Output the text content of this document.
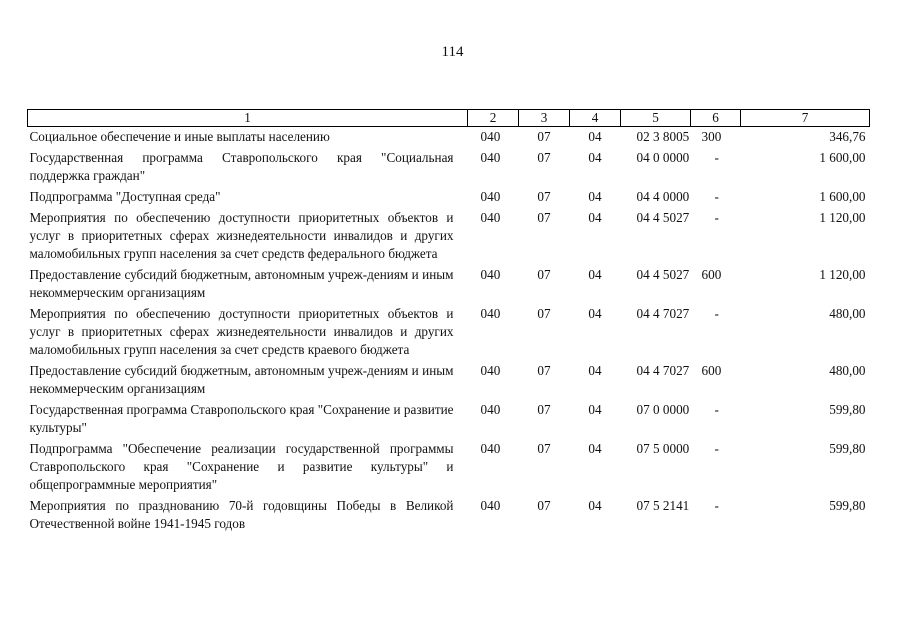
114
1	2	3	4	5	6	7
Социальное обеспечение и иные выплаты населению	040	07	04	02 3 8005	300	346,76
Государственная программа Ставропольского края "Социальная поддержка граждан"	040	07	04	04 0 0000	-	1 600,00
Подпрограмма "Доступная среда"	040	07	04	04 4 0000	-	1 600,00
Мероприятия по обеспечению доступности приоритетных объектов и услуг в приоритетных сферах жизнедеятельности инвалидов и других маломобильных групп населения за счет средств федерального бюджета	040	07	04	04 4 5027	-	1 120,00
Предоставление субсидий бюджетным, автономным учреж-дениям и иным некоммерческим организациям	040	07	04	04 4 5027	600	1 120,00
Мероприятия по обеспечению доступности приоритетных объектов и услуг в приоритетных сферах жизнедеятельности инвалидов и других маломобильных групп населения за счет средств краевого бюджета	040	07	04	04 4 7027	-	480,00
Предоставление субсидий бюджетным, автономным учреж-дениям и иным некоммерческим организациям	040	07	04	04 4 7027	600	480,00
Государственная программа Ставропольского края "Сохранение и развитие культуры"	040	07	04	07 0 0000	-	599,80
Подпрограмма "Обеспечение реализации государственной программы Ставропольского края "Сохранение и развитие культуры" и общепрограммные мероприятия"	040	07	04	07 5 0000	-	599,80
Мероприятия по празднованию 70-й годовщины Победы в Великой Отечественной войне 1941-1945 годов	040	07	04	07 5 2141	-	599,80
